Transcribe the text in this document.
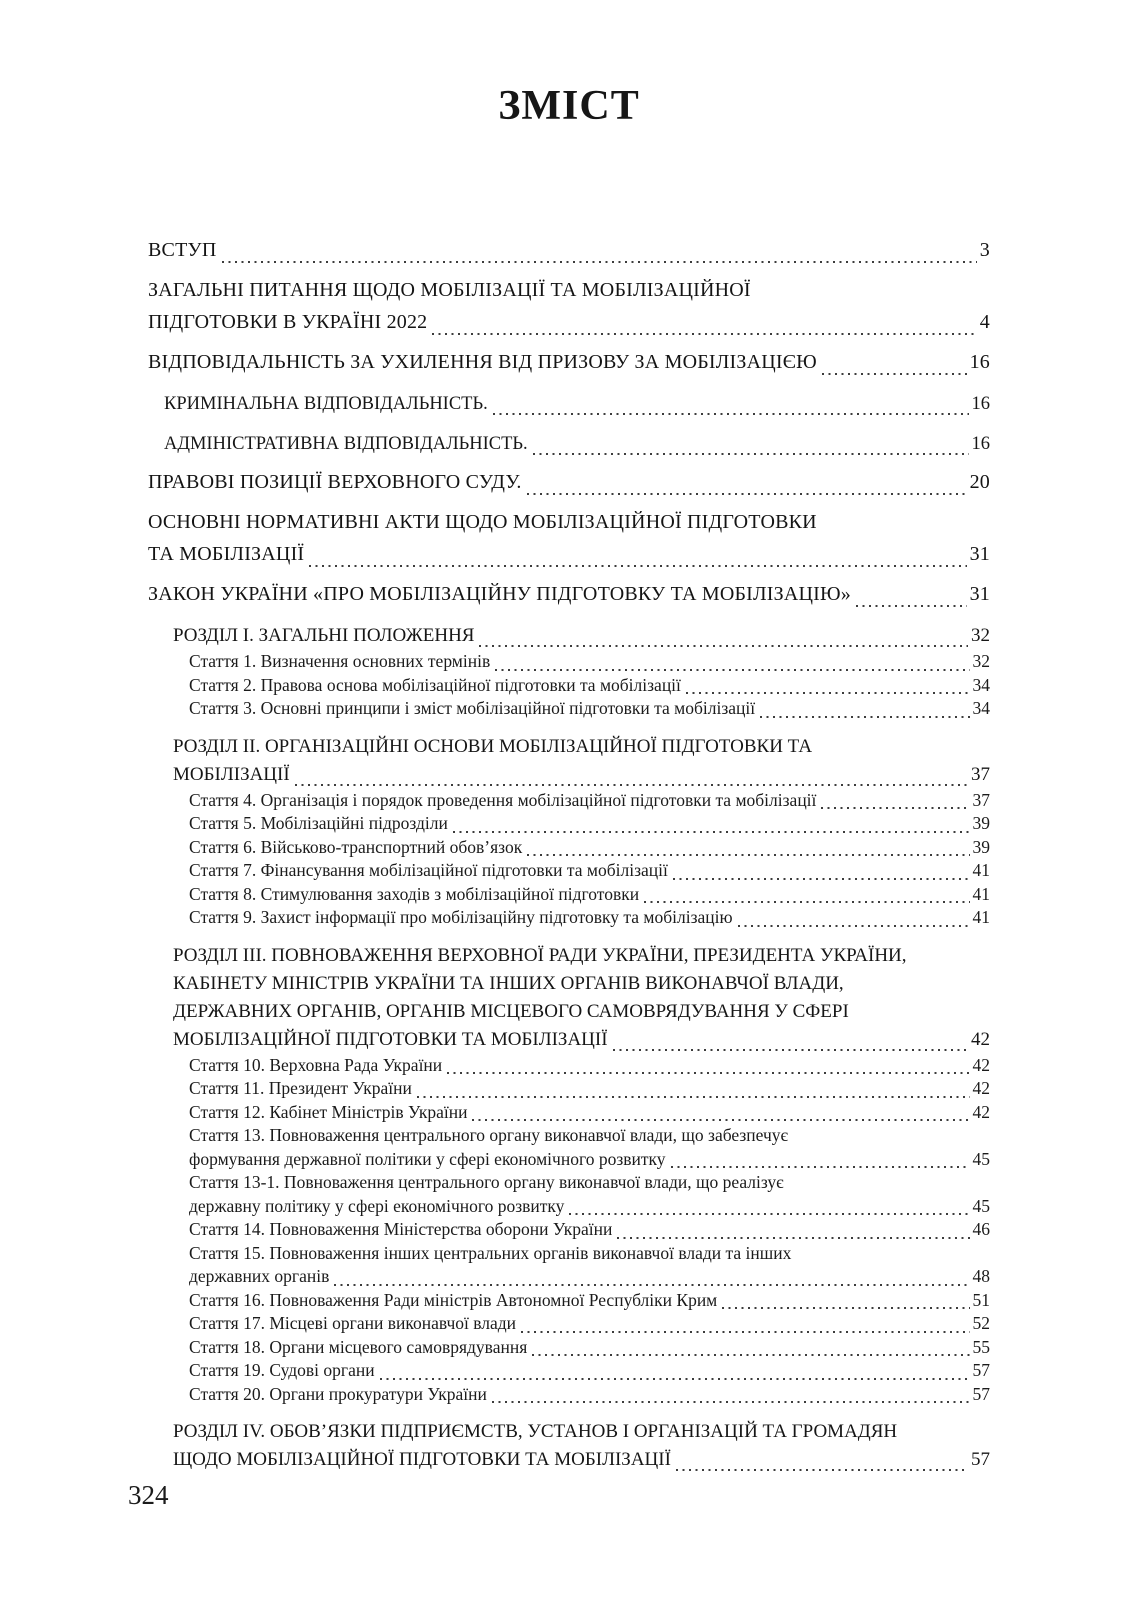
ЗМІСТ
ВСТУП	3
ЗАГАЛЬНІ ПИТАННЯ ЩОДО МОБІЛІЗАЦІЇ ТА МОБІЛІЗАЦІЙНОЇ
ПІДГОТОВКИ В УКРАЇНІ 2022	4
ВІДПОВІДАЛЬНІСТЬ ЗА УХИЛЕННЯ ВІД ПРИЗОВУ ЗА МОБІЛІЗАЦІЄЮ	16
КРИМІНАЛЬНА ВІДПОВІДАЛЬНІСТЬ.	16
АДМІНІСТРАТИВНА ВІДПОВІДАЛЬНІСТЬ.	16
ПРАВОВІ ПОЗИЦІЇ ВЕРХОВНОГО СУДУ.	20
ОСНОВНІ НОРМАТИВНІ АКТИ ЩОДО МОБІЛІЗАЦІЙНОЇ ПІДГОТОВКИ
ТА МОБІЛІЗАЦІЇ	31
ЗАКОН УКРАЇНИ «ПРО МОБІЛІЗАЦІЙНУ ПІДГОТОВКУ ТА МОБІЛІЗАЦІЮ»	31
РОЗДІЛ I. ЗАГАЛЬНІ ПОЛОЖЕННЯ	32
Стаття 1. Визначення основних термінів	32
Стаття 2. Правова основа мобілізаційної підготовки та мобілізації	34
Стаття 3. Основні принципи і зміст мобілізаційної підготовки та мобілізації	34
РОЗДІЛ II. ОРГАНІЗАЦІЙНІ ОСНОВИ МОБІЛІЗАЦІЙНОЇ ПІДГОТОВКИ ТА
МОБІЛІЗАЦІЇ	37
Стаття 4. Організація і порядок проведення мобілізаційної підготовки та мобілізації	37
Стаття 5. Мобілізаційні підрозділи	39
Стаття 6. Військово-транспортний обов’язок	39
Стаття 7. Фінансування мобілізаційної підготовки та мобілізації	41
Стаття 8. Стимулювання заходів з мобілізаційної підготовки	41
Стаття 9. Захист інформації про мобілізаційну підготовку та мобілізацію	41
РОЗДІЛ III. ПОВНОВАЖЕННЯ ВЕРХОВНОЇ РАДИ УКРАЇНИ, ПРЕЗИДЕНТА УКРАЇНИ,
КАБІНЕТУ МІНІСТРІВ УКРАЇНИ ТА ІНШИХ ОРГАНІВ ВИКОНАВЧОЇ ВЛАДИ,
ДЕРЖАВНИХ ОРГАНІВ, ОРГАНІВ МІСЦЕВОГО САМОВРЯДУВАННЯ У СФЕРІ
МОБІЛІЗАЦІЙНОЇ ПІДГОТОВКИ ТА МОБІЛІЗАЦІЇ	42
Стаття 10. Верховна Рада України	42
Стаття 11. Президент України	42
Стаття 12. Кабінет Міністрів України	42
Стаття 13. Повноваження центрального органу виконавчої влади, що забезпечує
формування державної політики у сфері економічного розвитку	45
Стаття 13-1. Повноваження центрального органу виконавчої влади, що реалізує
державну політику у сфері економічного розвитку	45
Стаття 14. Повноваження Міністерства оборони України	46
Стаття 15. Повноваження інших центральних органів виконавчої влади та інших
державних органів	48
Стаття 16. Повноваження Ради міністрів Автономної Республіки Крим	51
Стаття 17. Місцеві органи виконавчої влади	52
Стаття 18. Органи місцевого самоврядування	55
Стаття 19. Судові органи	57
Стаття 20. Органи прокуратури України	57
РОЗДІЛ IV. ОБОВ’ЯЗКИ ПІДПРИЄМСТВ, УСТАНОВ І ОРГАНІЗАЦІЙ ТА ГРОМАДЯН
ЩОДО МОБІЛІЗАЦІЙНОЇ ПІДГОТОВКИ ТА МОБІЛІЗАЦІЇ	57
324
